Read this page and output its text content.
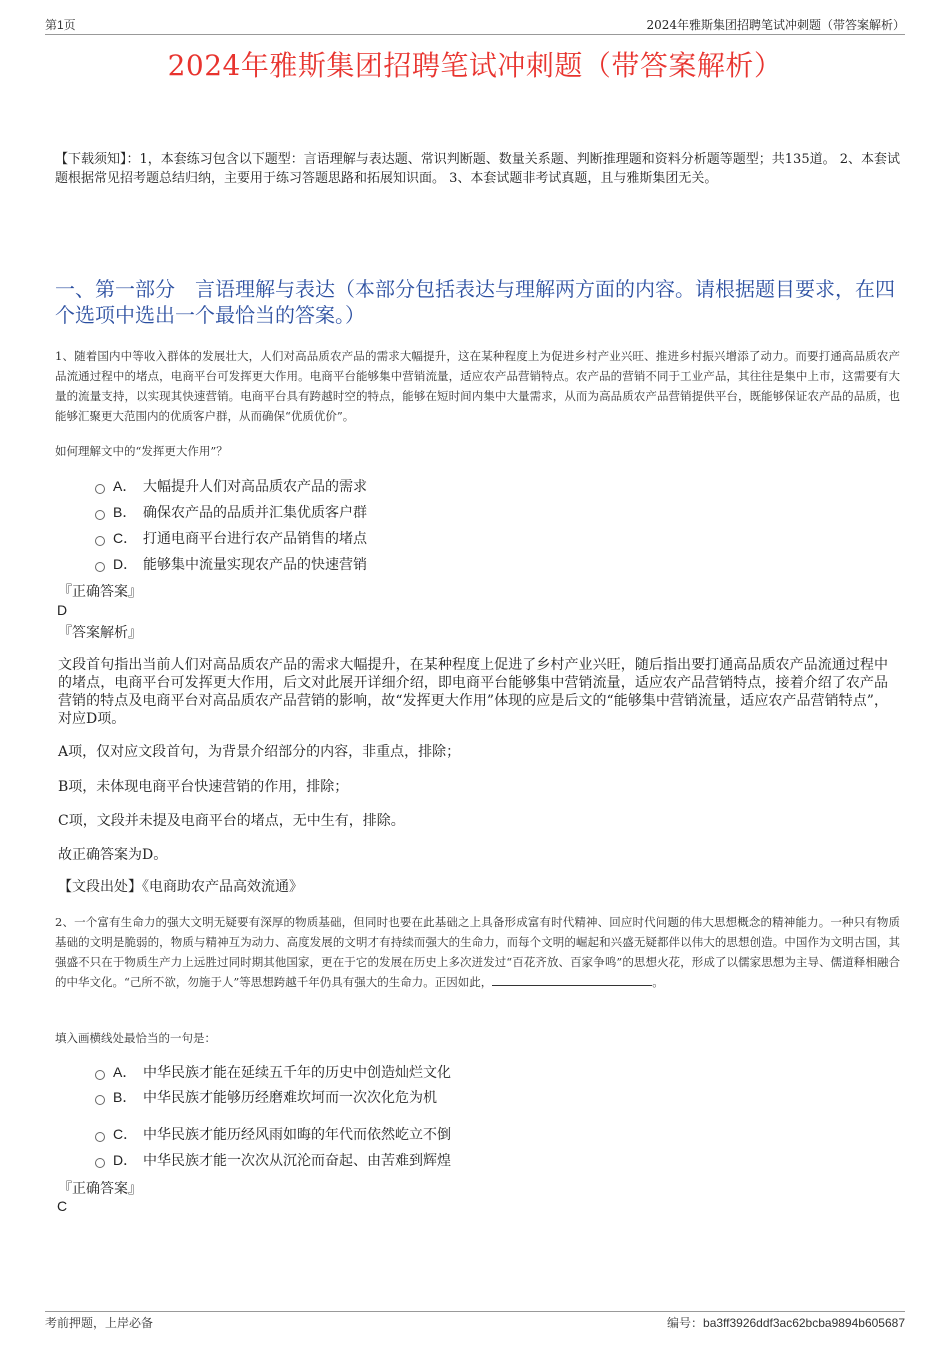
第1页	2024年雅斯集团招聘笔试冲刺题（带答案解析）
2024年雅斯集团招聘笔试冲刺题（带答案解析）
【下载须知】：1，本套练习包含以下题型：言语理解与表达题、常识判断题、数量关系题、判断推理题和资料分析题等题型；共135道。 2、本套试题根据常见招考题总结归纳，主要用于练习答题思路和拓展知识面。 3、本套试题非考试真题，且与雅斯集团无关。
一、第一部分　言语理解与表达（本部分包括表达与理解两方面的内容。请根据题目要求，在四个选项中选出一个最恰当的答案。）
1、随着国内中等收入群体的发展壮大，人们对高品质农产品的需求大幅提升，这在某种程度上为促进乡村产业兴旺、推进乡村振兴增添了动力。而要打通高品质农产品流通过程中的堵点，电商平台可发挥更大作用。电商平台能够集中营销流量，适应农产品营销特点。农产品的营销不同于工业产品，其往往是集中上市，这需要有大量的流量支持，以实现其快速营销。电商平台具有跨越时空的特点，能够在短时间内集中大量需求，从而为高品质农产品营销提供平台，既能够保证农产品的品质，也能够汇聚更大范围内的优质客户群，从而确保“优质优价”。
如何理解文中的“发挥更大作用”？
A． 大幅提升人们对高品质农产品的需求
B． 确保农产品的品质并汇集优质客户群
C． 打通电商平台进行农产品销售的堵点
D． 能够集中流量实现农产品的快速营销
『正确答案』
D
『答案解析』
文段首句指出当前人们对高品质农产品的需求大幅提升，在某种程度上促进了乡村产业兴旺，随后指出要打通高品质农产品流通过程中的堵点，电商平台可发挥更大作用，后文对此展开详细介绍，即电商平台能够集中营销流量，适应农产品营销特点，接着介绍了农产品营销的特点及电商平台对高品质农产品营销的影响，故“发挥更大作用”体现的应是后文的“能够集中营销流量，适应农产品营销特点”，对应D项。
A项，仅对应文段首句，为背景介绍部分的内容，非重点，排除；
B项，未体现电商平台快速营销的作用，排除；
C项，文段并未提及电商平台的堵点，无中生有，排除。
故正确答案为D。
【文段出处】《电商助农产品高效流通》
2、一个富有生命力的强大文明无疑要有深厚的物质基础，但同时也要在此基础之上具备形成富有时代精神、回应时代问题的伟大思想概念的精神能力。一种只有物质基础的文明是脆弱的，物质与精神互为动力、高度发展的文明才有持续而强大的生命力，而每个文明的崛起和兴盛无疑都伴以伟大的思想创造。中国作为文明古国，其强盛不只在于物质生产力上远胜过同时期其他国家，更在于它的发展在历史上多次迸发过“百花齐放、百家争鸣”的思想火花，形成了以儒家思想为主导、儒道释相融合的中华文化。“己所不欲，勿施于人”等思想跨越千年仍具有强大的生命力。正因如此，	。
填入画横线处最恰当的一句是：
A． 中华民族才能在延续五千年的历史中创造灿烂文化
B． 中华民族才能够历经磨难坎坷而一次次化危为机
C． 中华民族才能历经风雨如晦的年代而依然屹立不倒
D． 中华民族才能一次次从沉沦而奋起、由苦难到辉煌
『正确答案』
C
考前押题，上岸必备	编号：ba3ff3926ddf3ac62bcba9894b605687
